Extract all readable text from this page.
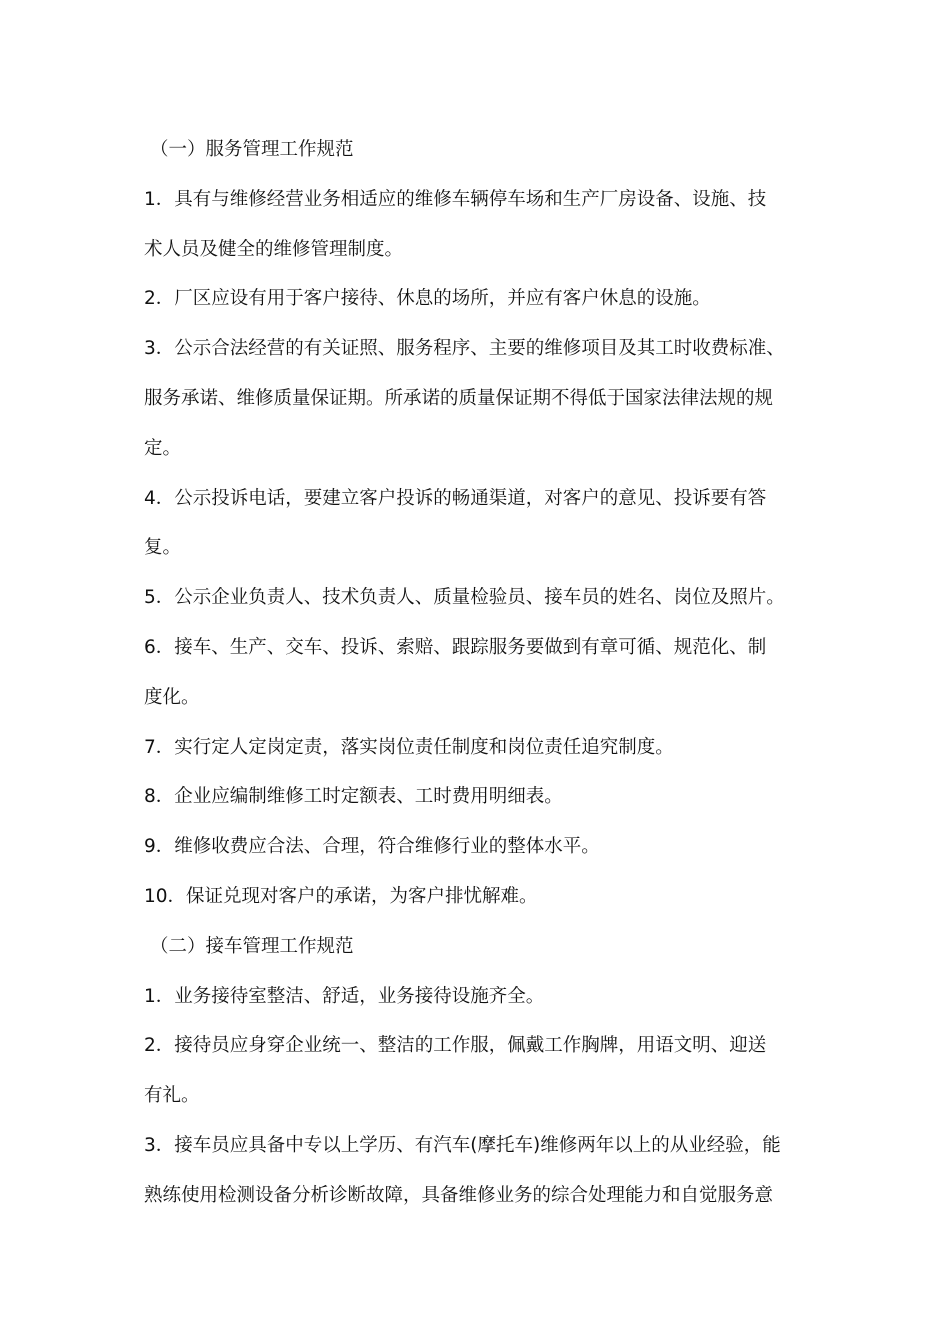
（一）服务管理工作规范
1．具有与维修经营业务相适应的维修车辆停车场和生产厂房设备、设施、技
术人员及健全的维修管理制度。
2．厂区应设有用于客户接待、休息的场所，并应有客户休息的设施。
3．公示合法经营的有关证照、服务程序、主要的维修项目及其工时收费标准、
服务承诺、维修质量保证期。所承诺的质量保证期不得低于国家法律法规的规
定。
4．公示投诉电话，要建立客户投诉的畅通渠道，对客户的意见、投诉要有答
复。
5．公示企业负责人、技术负责人、质量检验员、接车员的姓名、岗位及照片。
6．接车、生产、交车、投诉、索赔、跟踪服务要做到有章可循、规范化、制
度化。
7．实行定人定岗定责，落实岗位责任制度和岗位责任追究制度。
8．企业应编制维修工时定额表、工时费用明细表。
9．维修收费应合法、合理，符合维修行业的整体水平。
10．保证兑现对客户的承诺，为客户排忧解难。
（二）接车管理工作规范
1．业务接待室整洁、舒适，业务接待设施齐全。
2．接待员应身穿企业统一、整洁的工作服，佩戴工作胸牌，用语文明、迎送
有礼。
3．接车员应具备中专以上学历、有汽车(摩托车)维修两年以上的从业经验，能
熟练使用检测设备分析诊断故障，具备维修业务的综合处理能力和自觉服务意
